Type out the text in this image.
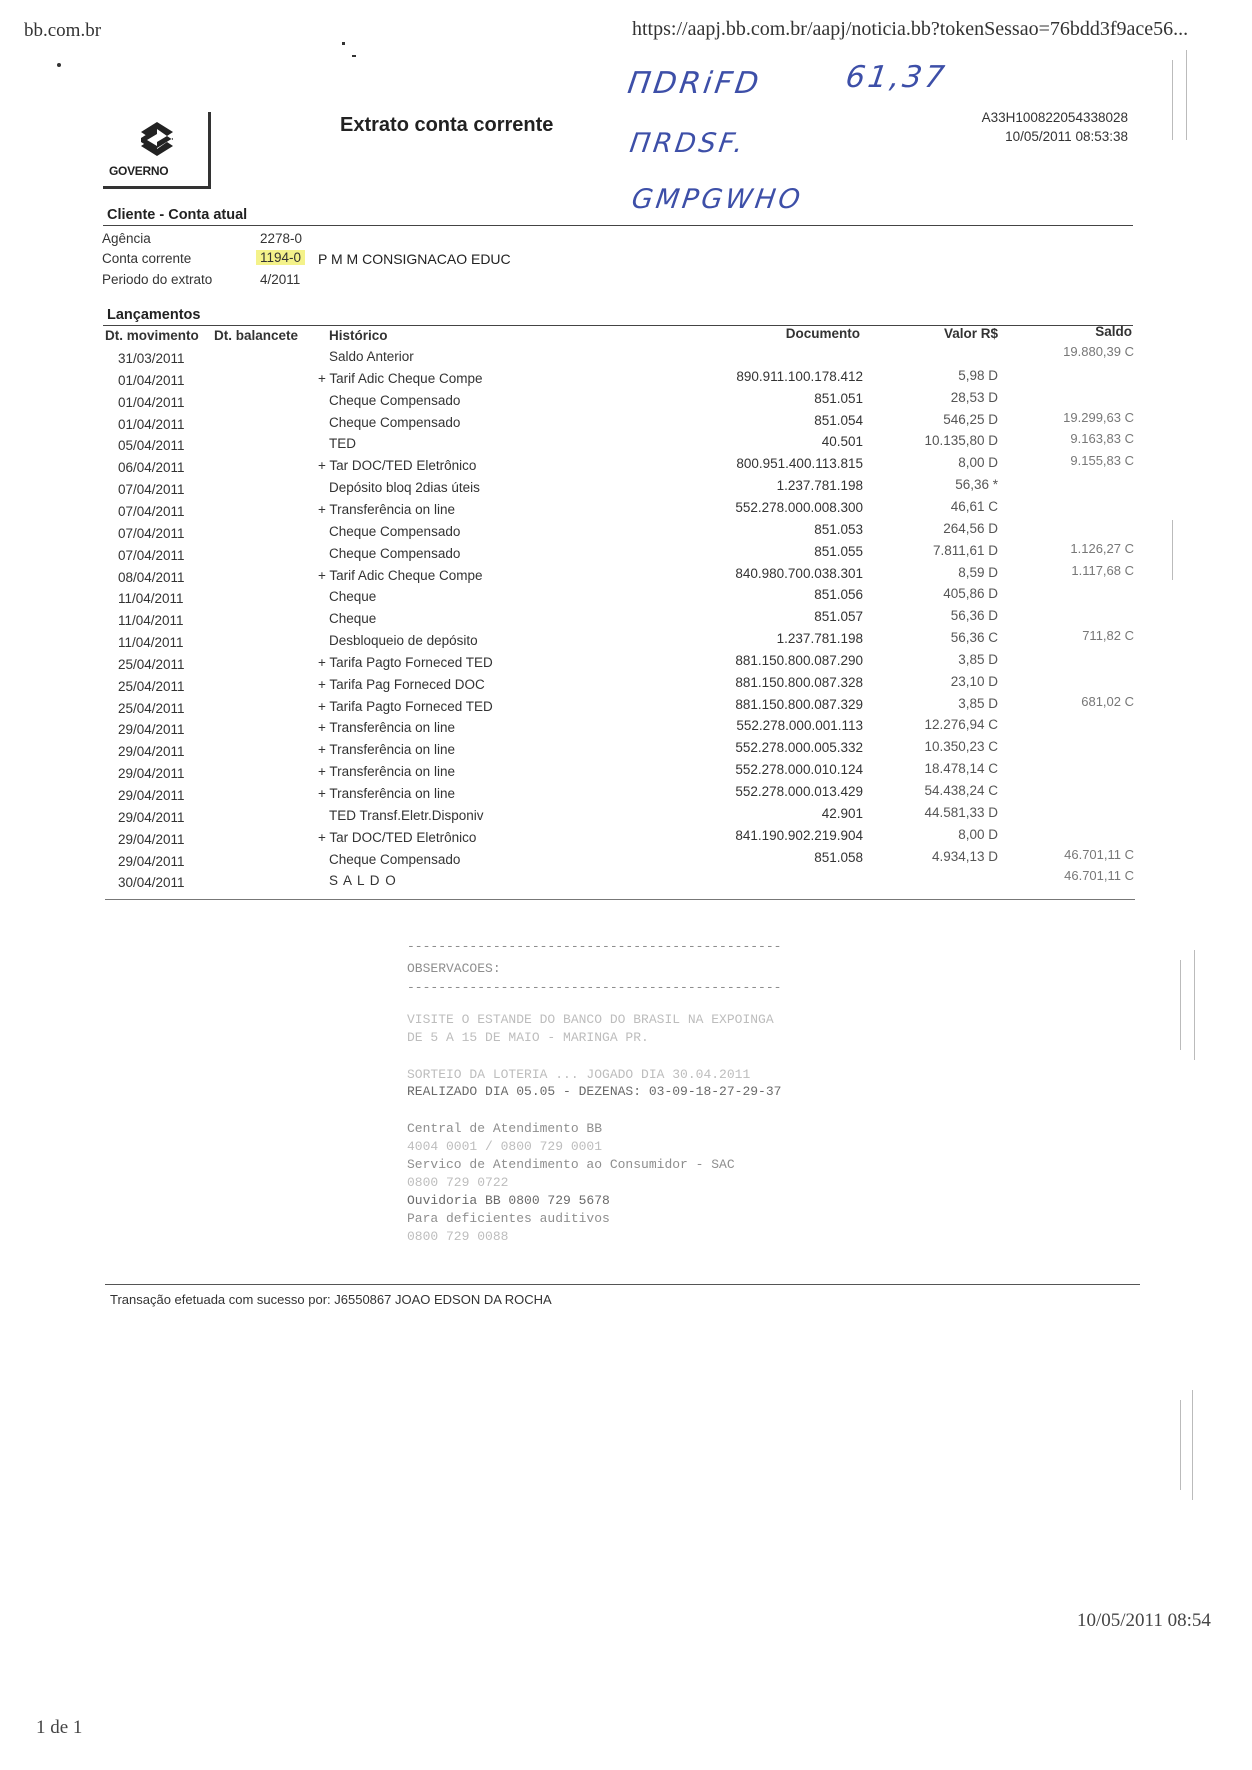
bb.com.br	https://aapj.bb.com.br/aapj/noticia.bb?tokenSessao=76bdd3f9ace56...
ΠDRiFD	61,37
ΠRDSF.
GMPGWHO
GOVERNO
Extrato conta corrente	A33H100822054338028
10/05/2011 08:53:38
Cliente - Conta atual
Agência	2278-0
Conta corrente	1194-0 P M M CONSIGNACAO EDUC
Periodo do extrato	4/2011
Lançamentos
Dt. movimento Dt. balancete Histórico	Documento	Valor R$	Saldo
31/03/2011	Saldo Anterior	19.880,39 C
01/04/2011	+ Tarif Adic Cheque Compe	890.911.100.178.412	5,98 D
01/04/2011	Cheque Compensado	851.051	28,53 D
01/04/2011	Cheque Compensado	851.054	546,25 D	19.299,63 C
05/04/2011	TED	40.501	10.135,80 D	9.163,83 C
06/04/2011	+ Tar DOC/TED Eletrônico	800.951.400.113.815	8,00 D	9.155,83 C
07/04/2011	Depósito bloq 2dias úteis	1.237.781.198	56,36 *
07/04/2011	+ Transferência on line	552.278.000.008.300	46,61 C
07/04/2011	Cheque Compensado	851.053	264,56 D
07/04/2011	Cheque Compensado	851.055	7.811,61 D	1.126,27 C
08/04/2011	+ Tarif Adic Cheque Compe	840.980.700.038.301	8,59 D	1.117,68 C
11/04/2011	Cheque	851.056	405,86 D
11/04/2011	Cheque	851.057	56,36 D
11/04/2011	Desbloqueio de depósito	1.237.781.198	56,36 C	711,82 C
25/04/2011	+ Tarifa Pagto Forneced TED	881.150.800.087.290	3,85 D
25/04/2011	+ Tarifa Pag Forneced DOC	881.150.800.087.328	23,10 D
25/04/2011	+ Tarifa Pagto Forneced TED	881.150.800.087.329	3,85 D	681,02 C
29/04/2011	+ Transferência on line	552.278.000.001.113	12.276,94 C
29/04/2011	+ Transferência on line	552.278.000.005.332	10.350,23 C
29/04/2011	+ Transferência on line	552.278.000.010.124	18.478,14 C
29/04/2011	+ Transferência on line	552.278.000.013.429	54.438,24 C
29/04/2011	TED Transf.Eletr.Disponiv	42.901	44.581,33 D
29/04/2011	+ Tar DOC/TED Eletrônico	841.190.902.219.904	8,00 D
29/04/2011	Cheque Compensado	851.058	4.934,13 D	46.701,11 C
30/04/2011	S A L D O	46.701,11 C
------------------------------------------------
OBSERVACOES:
------------------------------------------------
VISITE O ESTANDE DO BANCO DO BRASIL NA EXPOINGA
DE 5 A 15 DE MAIO - MARINGA PR.
SORTEIO DA LOTERIA ... JOGADO DIA 30.04.2011
REALIZADO DIA 05.05 - DEZENAS: 03-09-18-27-29-37
Central de Atendimento BB
4004 0001 / 0800 729 0001
Servico de Atendimento ao Consumidor - SAC
0800 729 0722
Ouvidoria BB 0800 729 5678
Para deficientes auditivos
0800 729 0088
Transação efetuada com sucesso por: J6550867 JOAO EDSON DA ROCHA
1 de 1
10/05/2011 08:54
